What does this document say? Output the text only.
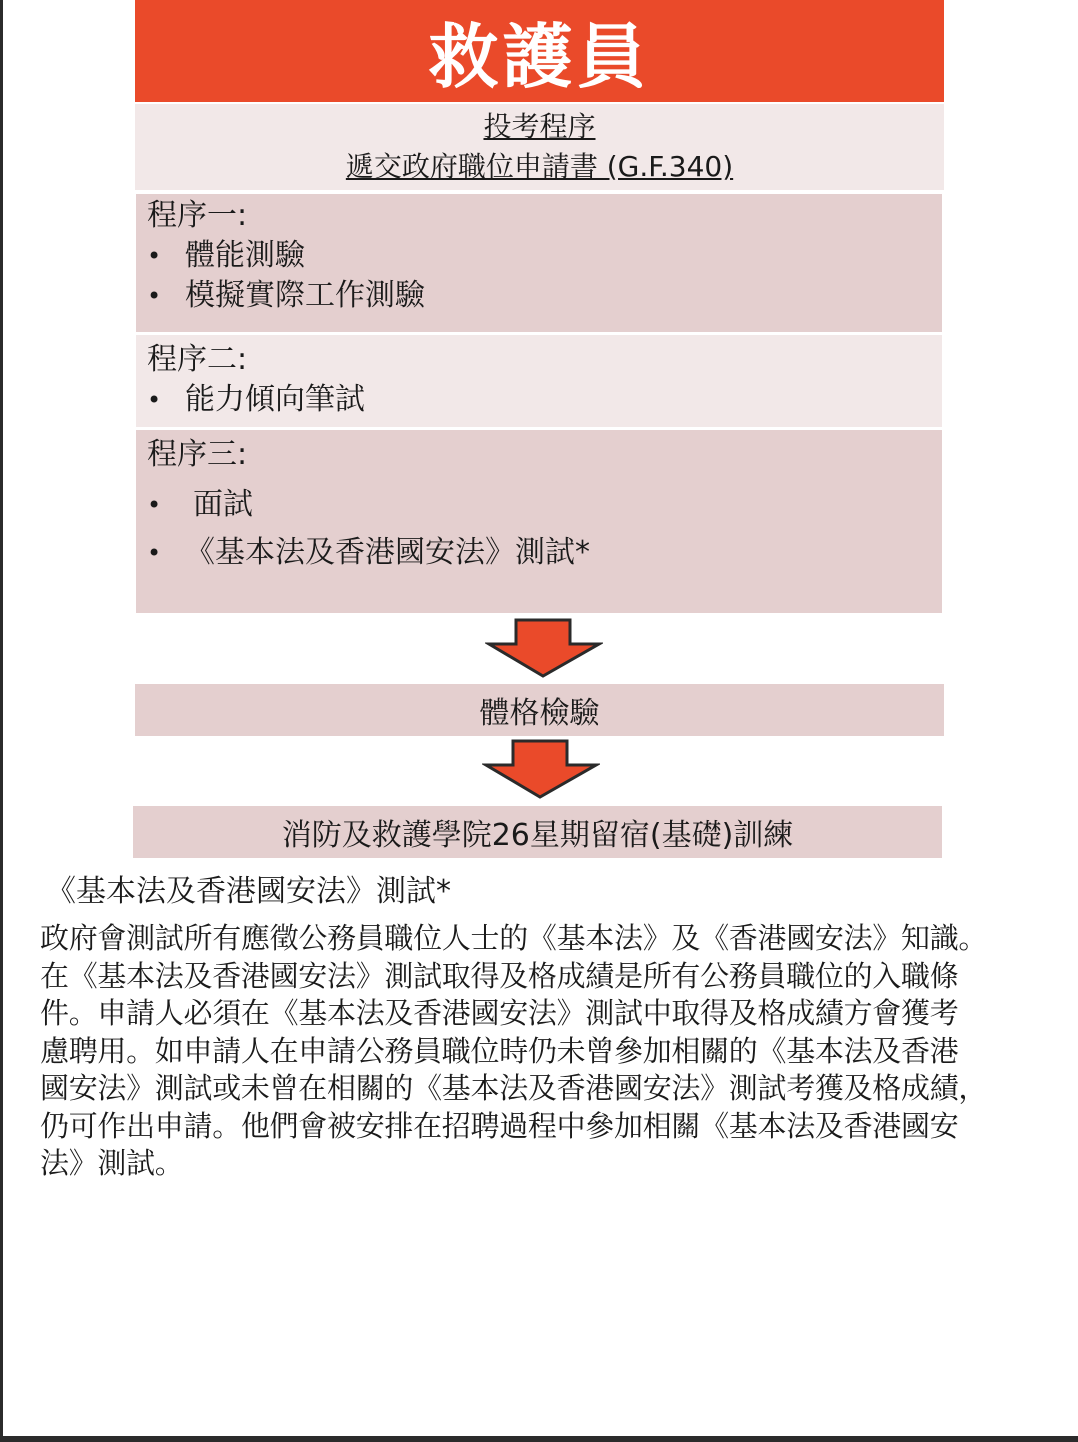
救護員
投考程序
遞交政府職位申請書 (G.F.340)
程序一:
• 體能測驗
• 模擬實際工作測驗
程序二:
• 能力傾向筆試
程序三:
• 面試
• 《基本法及香港國安法》測試*
體格檢驗
消防及救護學院26星期留宿(基礎)訓練
《基本法及香港國安法》測試*
政府會測試所有應徵公務員職位人士的《基本法》及《香港國安法》知識。
在《基本法及香港國安法》測試取得及格成績是所有公務員職位的入職條
件。申請人必須在《基本法及香港國安法》測試中取得及格成績方會獲考
慮聘用。如申請人在申請公務員職位時仍未曾參加相關的《基本法及香港
國安法》測試或未曾在相關的《基本法及香港國安法》測試考獲及格成績，
仍可作出申請。他們會被安排在招聘過程中參加相關《基本法及香港國安
法》測試。
